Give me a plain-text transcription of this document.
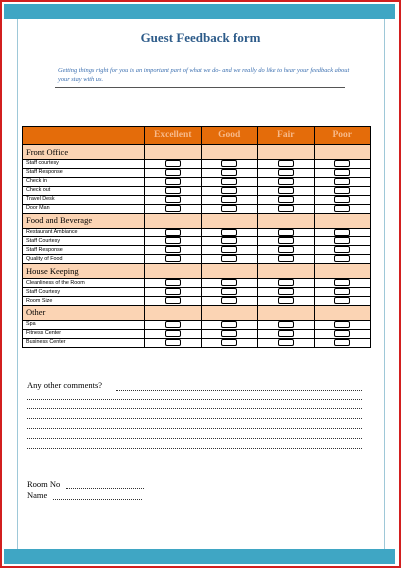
Guest Feedback form
Getting things right for you is an important part of what we do- and we really do like to hear your feedback about your stay with us.
	Excellent	Good	Fair	Poor
Front Office				
Staff courtesy				
Staff Response				
Check in				
Check out				
Travel Desk				
Door Man				
Food and Beverage				
Restaurant Ambiance				
Staff Courtesy				
Staff Response				
Quality of Food				
House Keeping				
Cleanliness of the Room				
Staff Courtesy				
Room Size				
Other				
Spa				
Fitness Center				
Business Center				
Any other comments?
Room No
Name
